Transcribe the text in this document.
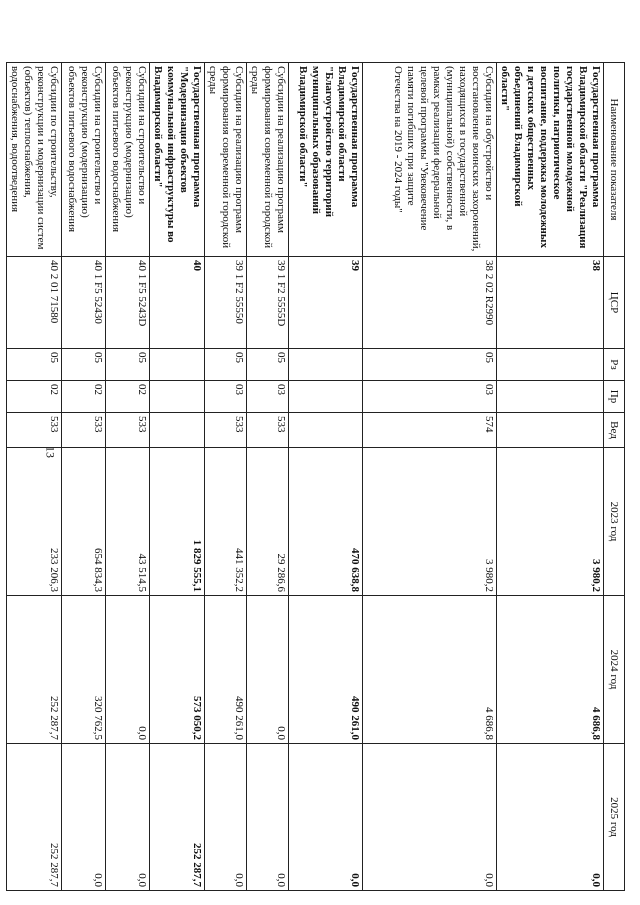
13
Наименование показателя	ЦСР	Рз	Пр	Вед	2023 год	2024 год	2025 год
Государственная программа Владимирской области "Реализация государственной молодежной политики, патриотическое воспитание, поддержка молодежных и детских общественных объединений Владимирской области"	38				3 980,2	4 686,8	0,0
Субсидии на обустройство и восстановление воинских захоронений, находящихся в государственной (муниципальной) собственности, в рамках реализации федеральной целевой программы "Увековечение памяти погибших при защите Отечества на 2019 - 2024 годы"	38 2 02 R2990	05	03	574	3 980,2	4 686,8	0,0
Государственная программа Владимирской области "Благоустройство территорий муниципальных образований Владимирской области"	39				470 638,8	490 261,0	0,0
Субсидии на реализацию программ формирования современной городской среды	39 1 F2 5555D	05	03	533	29 286,6	0,0	0,0
Субсидии на реализацию программ формирования современной городской среды	39 1 F2 55550	05	03	533	441 352,2	490 261,0	0,0
Государственная программа "Модернизация объектов коммунальной инфраструктуры во Владимирской области"	40				1 829 555,1	573 050,2	252 287,7
Субсидии на строительство и реконструкцию (модернизацию) объектов питьевого водоснабжения	40 1 F5 5243D	05	02	533	43 514,5	0,0	0,0
Субсидии на строительство и реконструкцию (модернизацию) объектов питьевого водоснабжения	40 1 F5 52430	05	02	533	654 834,3	320 762,5	0,0
Субсидии по строительству, реконструкции и модернизации систем (объектов) теплоснабжения, водоснабжения, водоотведения	40 2 01 71580	05	02	533	233 206,3	252 287,7	252 287,7
